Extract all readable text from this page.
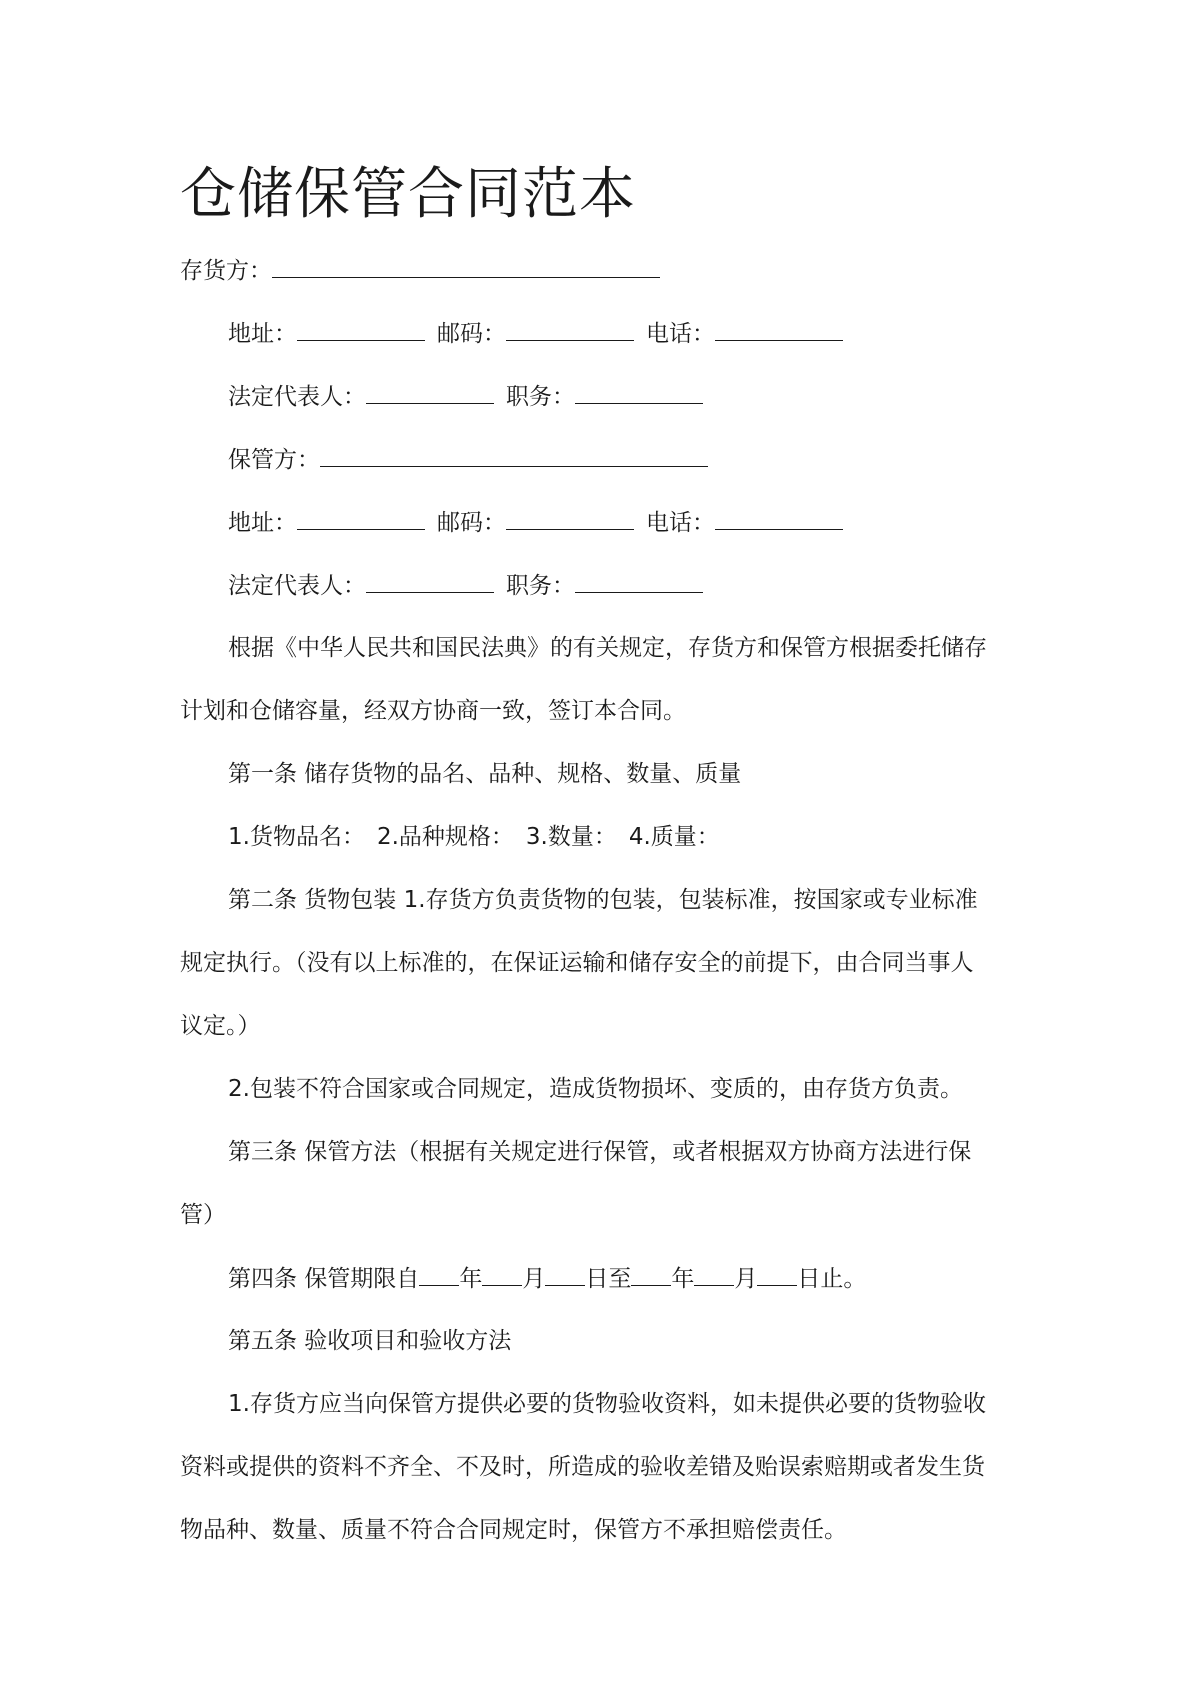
仓储保管合同范本
存货方：
地址：	邮码：	电话：
法定代表人：	职务：
保管方：
地址：	邮码：	电话：
法定代表人：	职务：
根据《中华人民共和国民法典》的有关规定，存货方和保管方根据委托储存
计划和仓储容量，经双方协商一致，签订本合同。
第一条 储存货物的品名、品种、规格、数量、质量
1.货物品名： 2.品种规格： 3.数量： 4.质量：
第二条 货物包装 1.存货方负责货物的包装，包装标准，按国家或专业标准
规定执行。（没有以上标准的，在保证运输和储存安全的前提下，由合同当事人
议定。）
2.包装不符合国家或合同规定，造成货物损坏、变质的，由存货方负责。
第三条 保管方法（根据有关规定进行保管，或者根据双方协商方法进行保
管）
第四条 保管期限自 年 月 日至 年 月 日止。
第五条 验收项目和验收方法
1.存货方应当向保管方提供必要的货物验收资料，如未提供必要的货物验收
资料或提供的资料不齐全、不及时，所造成的验收差错及贻误索赔期或者发生货
物品种、数量、质量不符合合同规定时，保管方不承担赔偿责任。
